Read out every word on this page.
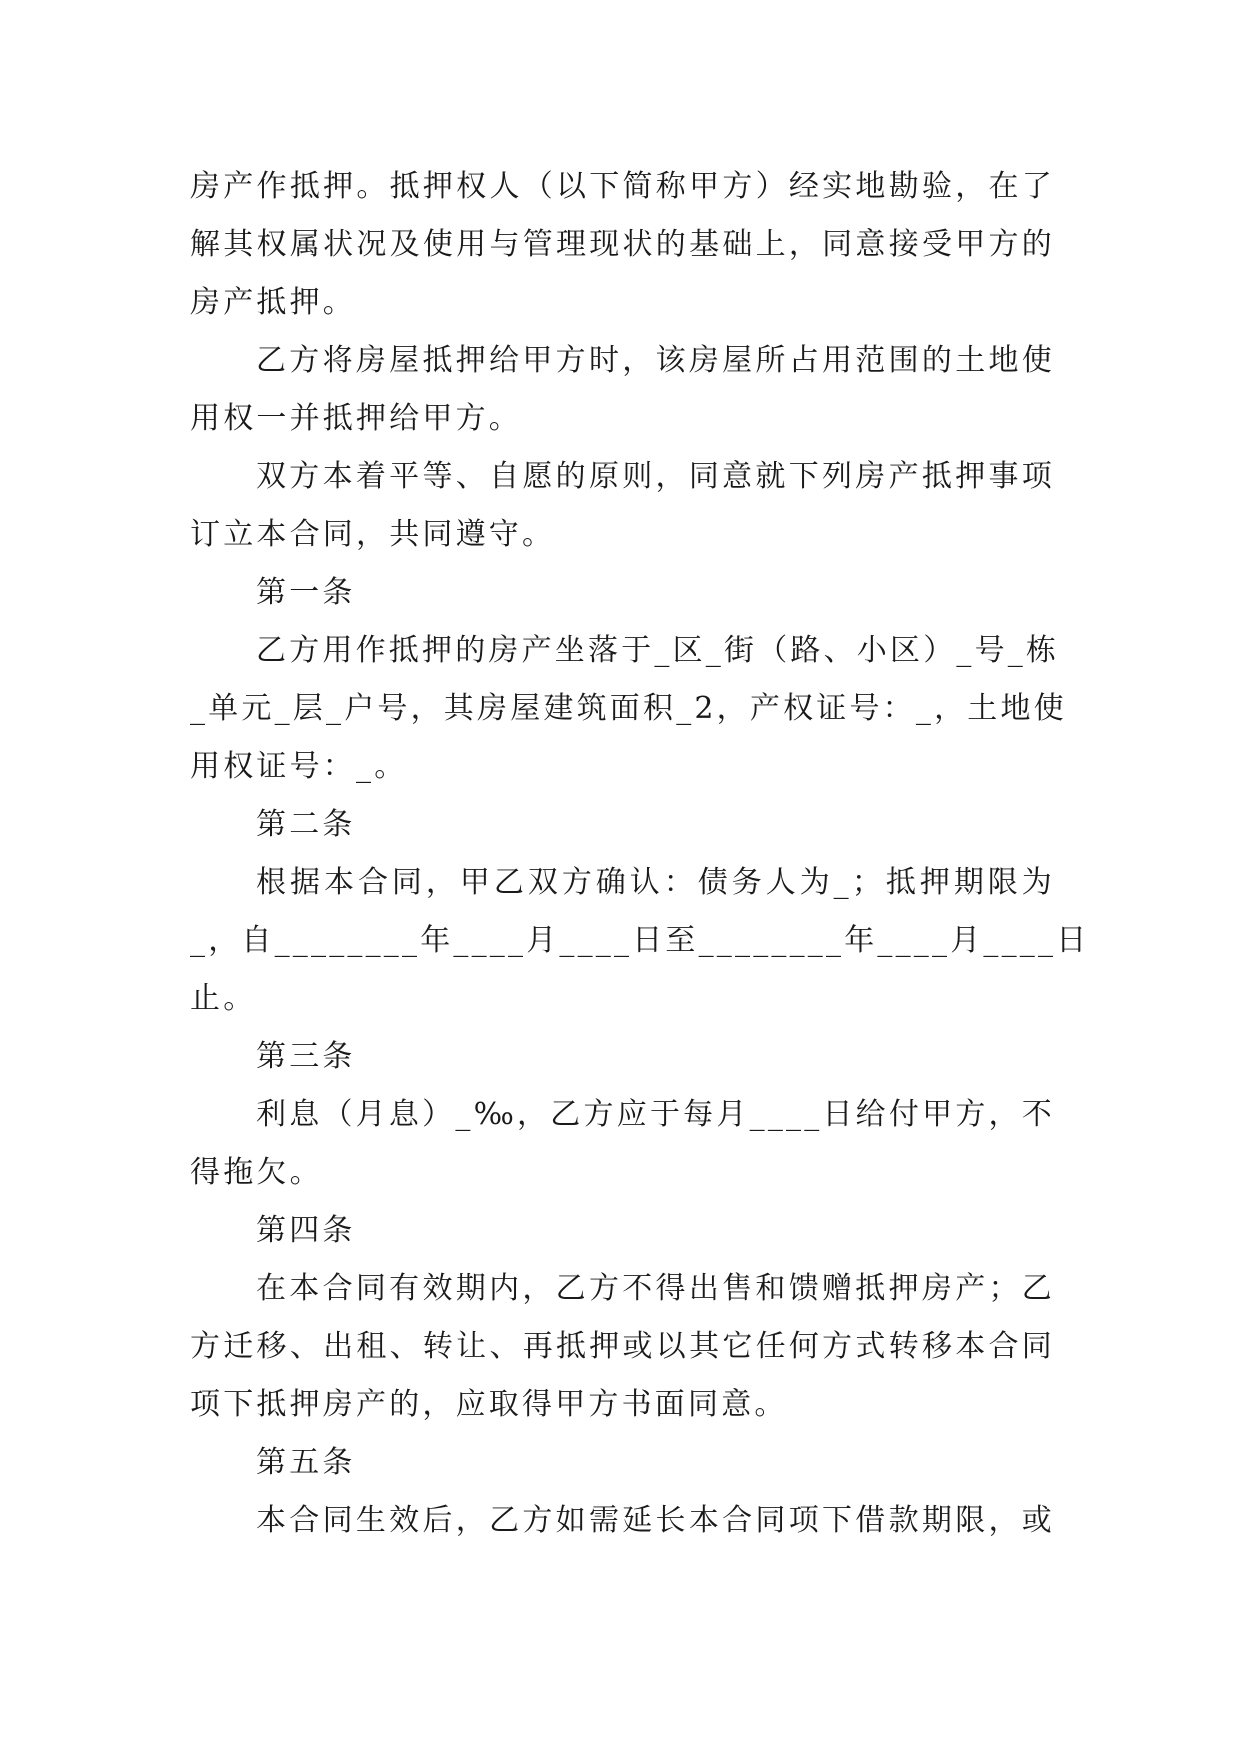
房产作抵押。抵押权人（以下简称甲方）经实地勘验，在了
解其权属状况及使用与管理现状的基础上，同意接受甲方的
房产抵押。
乙方将房屋抵押给甲方时，该房屋所占用范围的土地使
用权一并抵押给甲方。
双方本着平等、自愿的原则，同意就下列房产抵押事项
订立本合同，共同遵守。
第一条
乙方用作抵押的房产坐落于_区_街（路、小区）_号_栋
_单元_层_户号，其房屋建筑面积_2，产权证号：_，土地使
用权证号：_。
第二条
根据本合同，甲乙双方确认：债务人为_；抵押期限为
_，自________年____月____日至________年____月____日
止。
第三条
利息（月息）_‰，乙方应于每月____日给付甲方，不
得拖欠。
第四条
在本合同有效期内，乙方不得出售和馈赠抵押房产；乙
方迁移、出租、转让、再抵押或以其它任何方式转移本合同
项下抵押房产的，应取得甲方书面同意。
第五条
本合同生效后，乙方如需延长本合同项下借款期限，或
